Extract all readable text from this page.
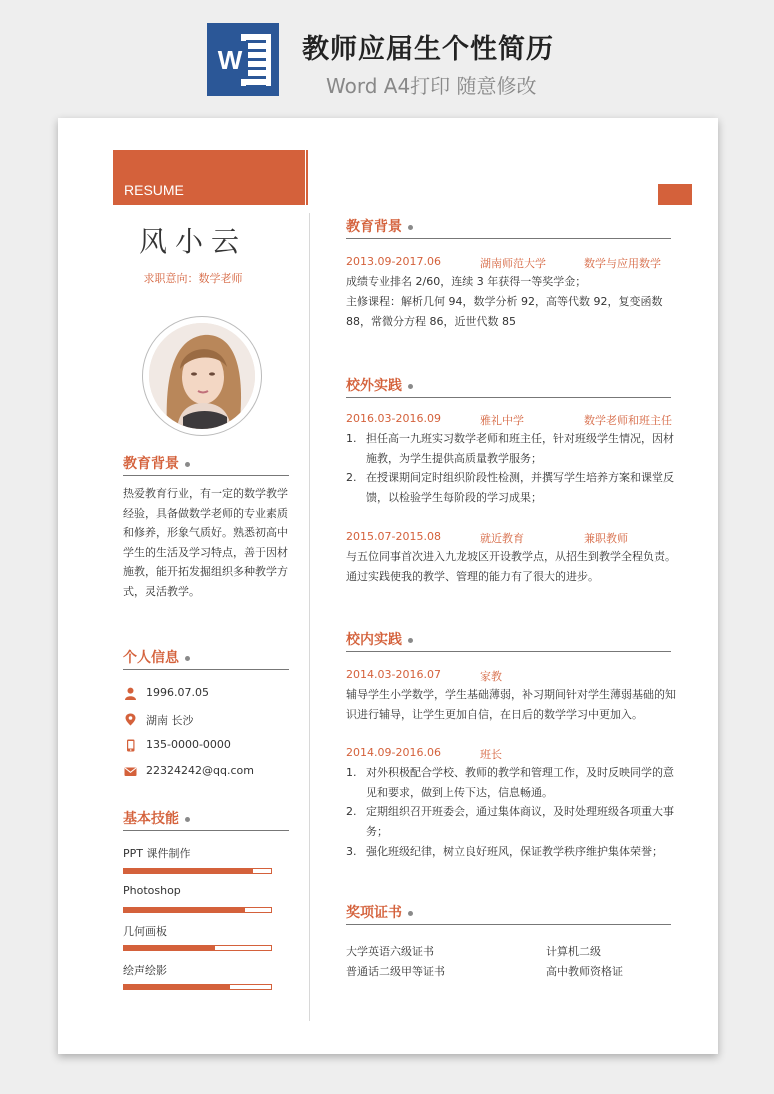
W 教师应届生个性简历
Word A4打印 随意修改
RESUME
风小云
求职意向：数学老师
教育背景
热爱教育行业，有一定的数学教学经验，具备做数学老师的专业素质和修养，形象气质好。熟悉初高中学生的生活及学习特点，善于因材施教，能开拓发掘组织多种教学方式，灵活教学。
个人信息
1996.07.05
湖南 长沙
135-0000-0000
22324242@qq.com
基本技能
PPT 课件制作
Photoshop
几何画板
绘声绘影
教育背景
2013.09-2017.06	湖南师范大学	数学与应用数学
成绩专业排名 2/60，连续 3 年获得一等奖学金；
主修课程：解析几何 94，数学分析 92，高等代数 92，复变函数 88，常微分方程 86，近世代数 85
校外实践
2016.03-2016.09	雅礼中学	数学老师和班主任
1. 担任高一九班实习数学老师和班主任，针对班级学生情况，因材施教，为学生提供高质量教学服务；
2. 在授课期间定时组织阶段性检测，并撰写学生培养方案和课堂反馈，以检验学生每阶段的学习成果；
2015.07-2015.08	就近教育	兼职教师
与五位同事首次进入九龙坡区开设教学点，从招生到教学全程负责。通过实践使我的教学、管理的能力有了很大的进步。
校内实践
2014.03-2016.07	家教
辅导学生小学数学，学生基础薄弱，补习期间针对学生薄弱基础的知识进行辅导，让学生更加自信，在日后的数学学习中更加入。
2014.09-2016.06	班长
1. 对外积极配合学校、教师的教学和管理工作，及时反映同学的意见和要求，做到上传下达，信息畅通。
2. 定期组织召开班委会，通过集体商议，及时处理班级各项重大事务；
3. 强化班级纪律，树立良好班风，保证教学秩序维护集体荣誉；
奖项证书
大学英语六级证书	计算机二级
普通话二级甲等证书	高中教师资格证
